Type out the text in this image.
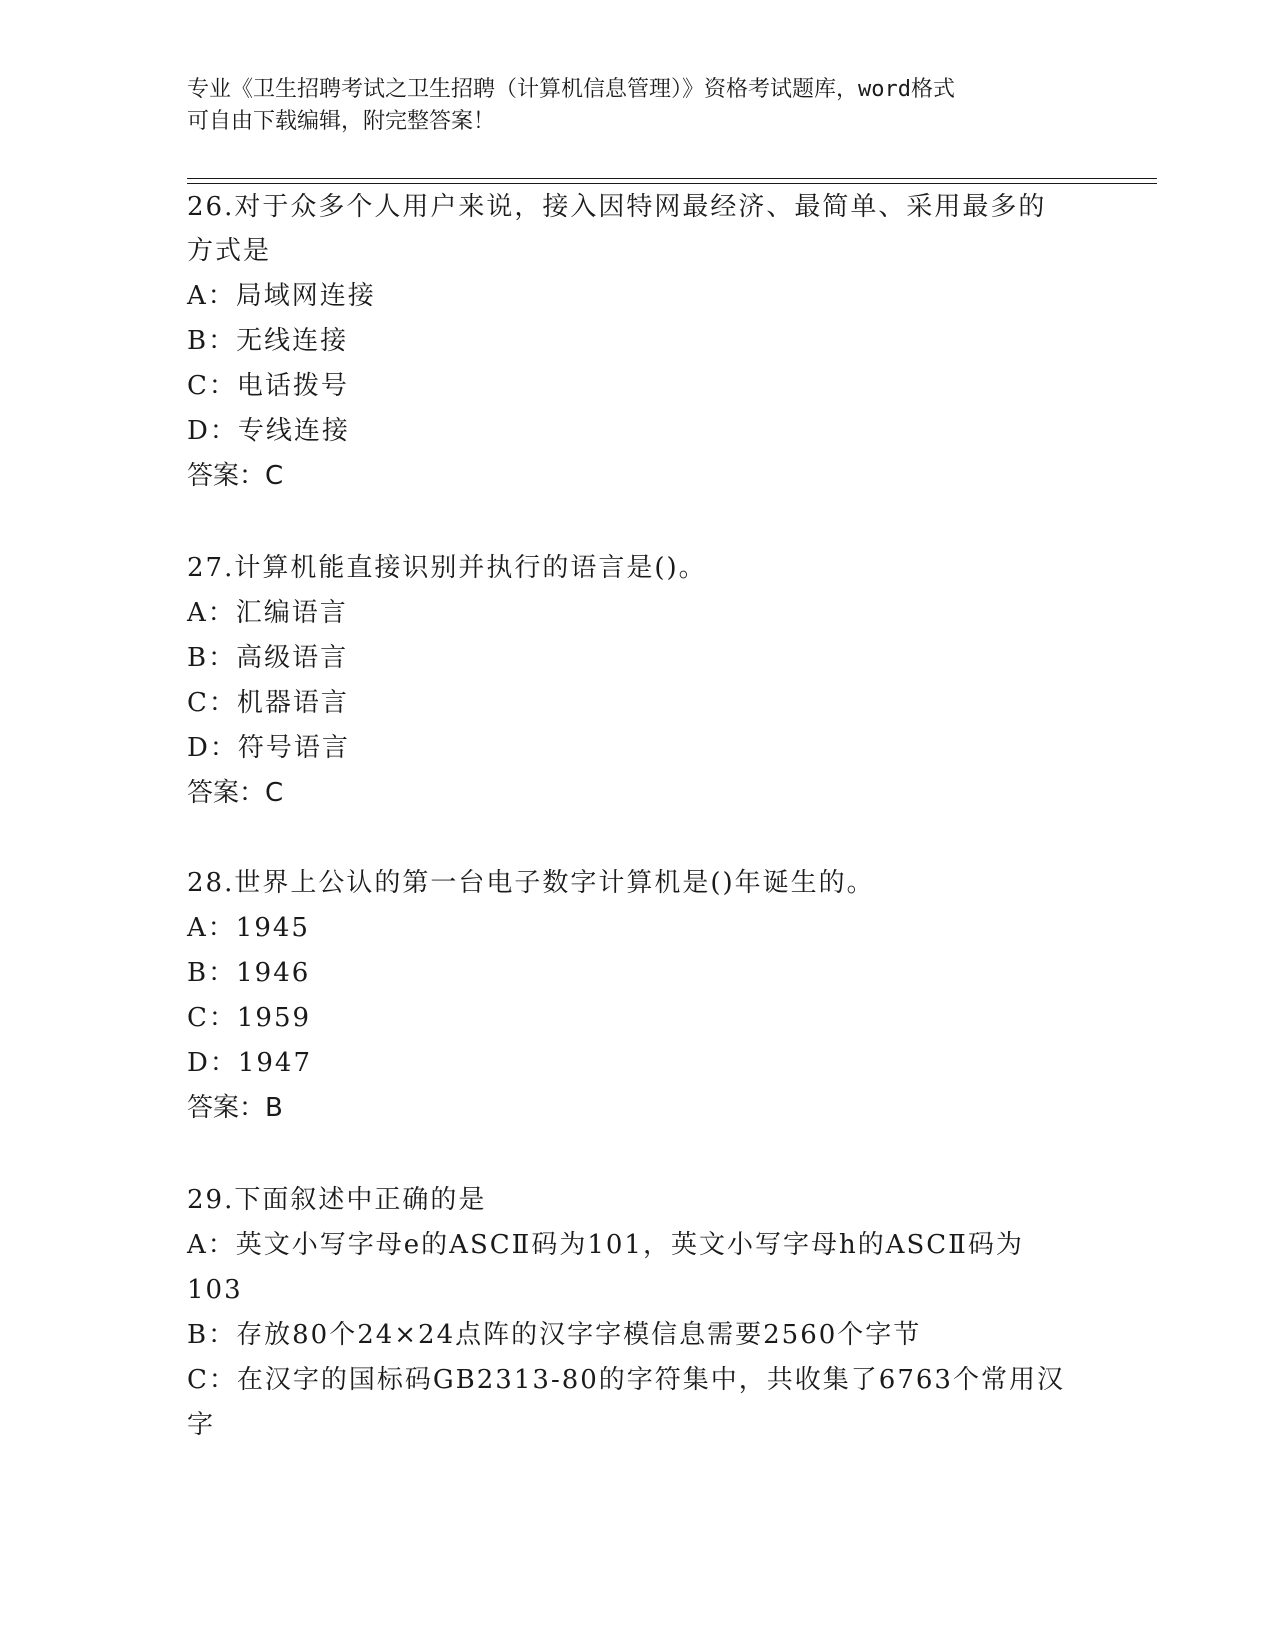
专业《卫生招聘考试之卫生招聘（计算机信息管理）》资格考试题库，word格式
可自由下载编辑，附完整答案！
26.对于众多个人用户来说，接入因特网最经济、最简单、采用最多的
方式是
A：局域网连接
B：无线连接
C：电话拨号
D：专线连接
答案：C
27.计算机能直接识别并执行的语言是()。
A：汇编语言
B：高级语言
C：机器语言
D：符号语言
答案：C
28.世界上公认的第一台电子数字计算机是()年诞生的。
A：1945
B：1946
C：1959
D：1947
答案：B
29.下面叙述中正确的是
A：英文小写字母e的ASCⅡ码为101，英文小写字母h的ASCⅡ码为
103
B：存放80个24×24点阵的汉字字模信息需要2560个字节
C：在汉字的国标码GB2313-80的字符集中，共收集了6763个常用汉
字
